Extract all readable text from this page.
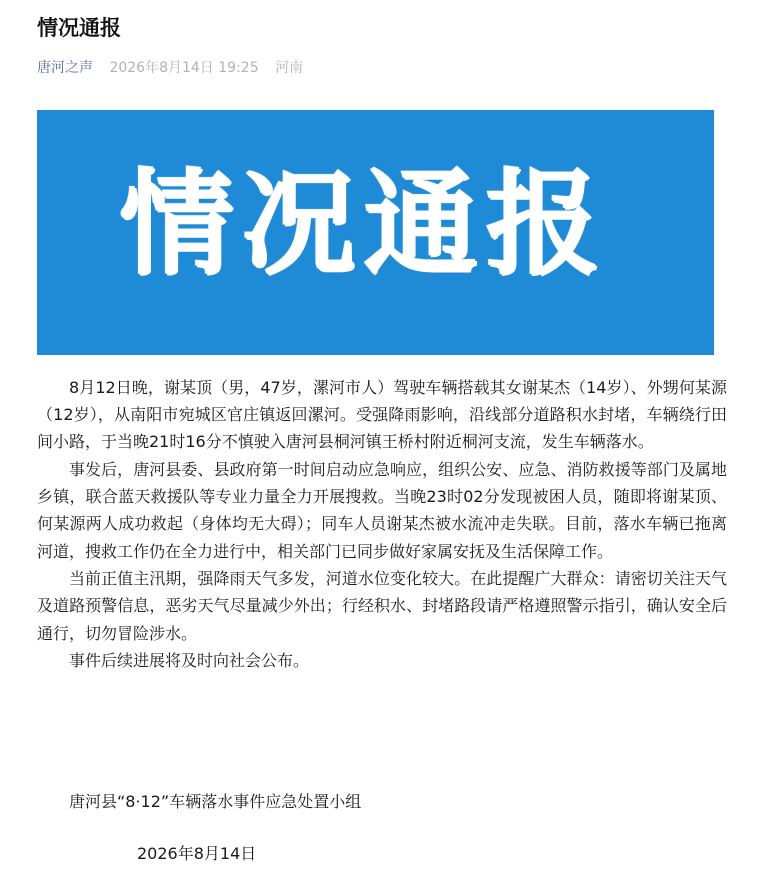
情况通报
唐河之声 2026年8月14日 19:25 河南
情况通报

8月12日晚，谢某顶（男，47岁，漯河市人）驾驶车辆搭载其女谢某杰（14岁）、外甥何某源（12岁），从南阳市宛城区官庄镇返回漯河。受强降雨影响，沿线部分道路积水封堵，车辆绕行田间小路，于当晚21时16分不慎驶入唐河县桐河镇王桥村附近桐河支流，发生车辆落水。

事发后，唐河县委、县政府第一时间启动应急响应，组织公安、应急、消防救援等部门及属地乡镇，联合蓝天救援队等专业力量全力开展搜救。当晚23时02分发现被困人员，随即将谢某顶、何某源两人成功救起（身体均无大碍）；同车人员谢某杰被水流冲走失联。目前，落水车辆已拖离河道，搜救工作仍在全力进行中，相关部门已同步做好家属安抚及生活保障工作。

当前正值主汛期，强降雨天气多发，河道水位变化较大。在此提醒广大群众：请密切关注天气及道路预警信息，恶劣天气尽量减少外出；行经积水、封堵路段请严格遵照警示指引，确认安全后通行，切勿冒险涉水。

事件后续进展将及时向社会公布。

唐河县“8·12”车辆落水事件应急处置小组
2026年8月14日
